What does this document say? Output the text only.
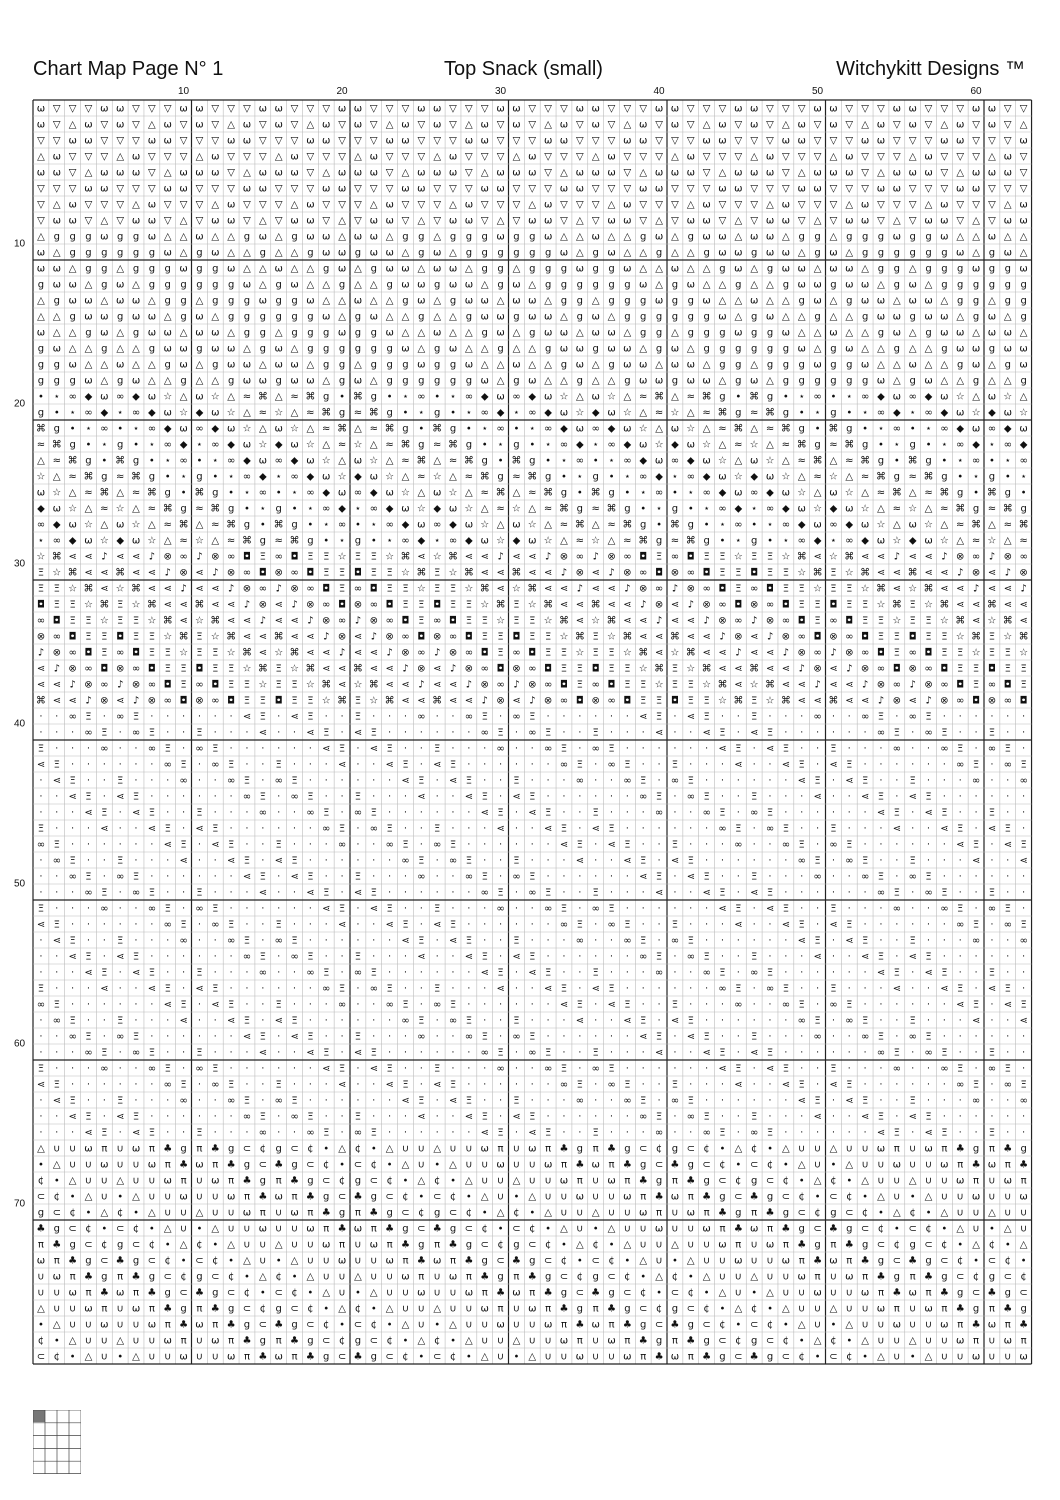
Chart Map Page N° 1	Top Snack (small)	Witchykitt Designs ™
10	20	30	40	50	60
10
20
30
40
50
60
70
ω ▽ ▽ ▽ ω ω ▽ ▽ ▽ ω ω ▽ ▽ ▽ ω ω ▽ ▽ ▽ ω ω ▽ ▽ ▽ ω ω ▽ ▽ ▽ ω ω ▽ ▽ ▽ ω ω ▽ ▽ ▽ ω ω ▽ ▽ ▽ ω ω ▽ ▽ ▽ ω ω ▽ ▽ ▽ ω ω ▽ ▽ ▽ ω ω ▽ ▽
ω ▽ △ ω ▽ ω ▽ △ ω ▽ ω ▽ △ ω ▽ ω ▽ △ ω ▽ ω ▽ △ ω ▽ ω ▽ △ ω ▽ ω ▽ △ ω ▽ ω ▽ △ ω ▽ ω ▽ △ ω ▽ ω ▽ △ ω ▽ ω ▽ △ ω ▽ ω ▽ △ ω ▽ ω ▽ △
▽ ▽ ω ω ▽ ▽ ▽ ω ω ▽ ▽ ▽ ω ω ▽ ▽ ▽ ω ω ▽ ▽ ▽ ω ω ▽ ▽ ▽ ω ω ▽ ▽ ▽ ω ω ▽ ▽ ▽ ω ω ▽ ▽ ▽ ω ω ▽ ▽ ▽ ω ω ▽ ▽ ▽ ω ω ▽ ▽ ▽ ω ω ▽ ▽ ▽ ω
△ ω ▽ ▽ ▽ △ ω ▽ ▽ ▽ △ ω ▽ ▽ ▽ △ ω ▽ ▽ ▽ △ ω ▽ ▽ ▽ △ ω ▽ ▽ ▽ △ ω ▽ ▽ ▽ △ ω ▽ ▽ ▽ △ ω ▽ ▽ ▽ △ ω ▽ ▽ ▽ △ ω ▽ ▽ ▽ △ ω ▽ ▽ ▽ △ ω ▽
ω ω ▽ △ ω ω ω ▽ △ ω ω ω ▽ △ ω ω ω ▽ △ ω ω ω ▽ △ ω ω ω ▽ △ ω ω ω ▽ △ ω ω ω ▽ △ ω ω ω ▽ △ ω ω ω ▽ △ ω ω ω ▽ △ ω ω ω ▽ △ ω ω ω ▽
▽ ▽ ▽ ω ω ▽ ▽ ▽ ω ω ▽ ▽ ▽ ω ω ▽ ▽ ▽ ω ω ▽ ▽ ▽ ω ω ▽ ▽ ▽ ω ω ▽ ▽ ▽ ω ω ▽ ▽ ▽ ω ω ▽ ▽ ▽ ω ω ▽ ▽ ▽ ω ω ▽ ▽ ▽ ω ω ▽ ▽ ▽ ω ω ▽ ▽ ▽
▽ △ ω ▽ ▽ ▽ △ ω ▽ ▽ ▽ △ ω ▽ ▽ ▽ △ ω ▽ ▽ ▽ △ ω ▽ ▽ ▽ △ ω ▽ ▽ ▽ △ ω ▽ ▽ ▽ △ ω ▽ ▽ ▽ △ ω ▽ ▽ ▽ △ ω ▽ ▽ ▽ △ ω ▽ ▽ ▽ △ ω ▽ ▽ ▽ △ ω
▽ ω ω ▽ △ ▽ ω ω ▽ △ ▽ ω ω ▽ △ ▽ ω ω ▽ △ ▽ ω ω ▽ △ ▽ ω ω ▽ △ ▽ ω ω ▽ △ ▽ ω ω ▽ △ ▽ ω ω ▽ △ ▽ ω ω ▽ △ ▽ ω ω ▽ △ ▽ ω ω ▽ △ ▽ ω ω
△ g g g ω g g ω △ △ ω △ △ g ω △ g ω ω △ ω ω △ g g △ g g g ω g g ω △ △ ω △ △ g ω △ g ω ω △ ω ω △ g g △ g g g ω g g ω △ △ ω △ △
ω △ g g g g g g ω △ g ω △ △ g △ △ g ω ω g ω ω △ g ω △ g g g g g g ω △ g ω △ △ g △ △ g ω ω g ω ω △ g ω △ g g g g g g ω △ g ω △
ω ω △ g g △ g g g ω g g ω △ △ ω △ △ g ω △ g ω ω △ ω ω △ g g △ g g g ω g g ω △ △ ω △ △ g ω △ g ω ω △ ω ω △ g g △ g g g ω g g ω
g ω ω △ g ω △ g g g g g g ω △ g ω △ △ g △ △ g ω ω g ω ω △ g ω △ g g g g g g ω △ g ω △ △ g △ △ g ω ω g ω ω △ g ω △ g g g g g g
△ g ω ω △ ω ω △ g g △ g g g ω g g ω △ △ ω △ △ g ω △ g ω ω △ ω ω △ g g △ g g g ω g g ω △ △ ω △ △ g ω △ g ω ω △ ω ω △ g g △ g g
△ △ g ω ω g ω ω △ g ω △ g g g g g g ω △ g ω △ △ g △ △ g ω ω g ω ω △ g ω △ g g g g g g ω △ g ω △ △ g △ △ g ω ω g ω ω △ g ω △ g
ω △ △ g ω △ g ω ω △ ω ω △ g g △ g g g ω g g ω △ △ ω △ △ g ω △ g ω ω △ ω ω △ g g △ g g g ω g g ω △ △ ω △ △ g ω △ g ω ω △ ω ω △
g ω △ △ g △ △ g ω ω g ω ω △ g ω △ g g g g g g ω △ g ω △ △ g △ △ g ω ω g ω ω △ g ω △ g g g g g g ω △ g ω △ △ g △ △ g ω ω g ω ω
g g ω △ △ ω △ △ g ω △ g ω ω △ ω ω △ g g △ g g g ω g g ω △ △ ω △ △ g ω △ g ω ω △ ω ω △ g g △ g g g ω g g ω △ △ ω △ △ g ω △ g ω
g g g ω △ g ω △ △ g △ △ g ω ω g ω ω △ g ω △ g g g g g g ω △ g ω △ △ g △ △ g ω ω g ω ω △ g ω △ g g g g g g ω △ g ω △ △ g △ △ g
• ⋆ ∞ ◆ ω ∞ ◆ ω ☆ △ ω ☆ △ ≈ ⌘ △ ≈ ⌘ g • ⌘ g • ⋆ ∞ • ⋆ ∞ ◆ ω ∞ ◆ ω ☆ △ ω ☆ △ ≈ ⌘ △ ≈ ⌘ g • ⌘ g • ⋆ ∞ • ⋆ ∞ ◆ ω ∞ ◆ ω ☆ △ ω ☆ △
g • ⋆ ∞ ◆ ⋆ ∞ ◆ ω ☆ ◆ ω ☆ △ ≈ ☆ △ ≈ ⌘ g ≈ ⌘ g • ⋆ g • ⋆ ∞ ◆ ⋆ ∞ ◆ ω ☆ ◆ ω ☆ △ ≈ ☆ △ ≈ ⌘ g ≈ ⌘ g • ⋆ g • ⋆ ∞ ◆ ⋆ ∞ ◆ ω ☆ ◆ ω ☆
⌘ g • ⋆ ∞ • ⋆ ∞ ◆ ω ∞ ◆ ω ☆ △ ω ☆ △ ≈ ⌘ △ ≈ ⌘ g • ⌘ g • ⋆ ∞ • ⋆ ∞ ◆ ω ∞ ◆ ω ☆ △ ω ☆ △ ≈ ⌘ △ ≈ ⌘ g • ⌘ g • ⋆ ∞ • ⋆ ∞ ◆ ω ∞ ◆ ω
≈ ⌘ g • ⋆ g • ⋆ ∞ ◆ ⋆ ∞ ◆ ω ☆ ◆ ω ☆ △ ≈ ☆ △ ≈ ⌘ g ≈ ⌘ g • ⋆ g • ⋆ ∞ ◆ ⋆ ∞ ◆ ω ☆ ◆ ω ☆ △ ≈ ☆ △ ≈ ⌘ g ≈ ⌘ g • ⋆ g • ⋆ ∞ ◆ ⋆ ∞ ◆
△ ≈ ⌘ g • ⌘ g • ⋆ ∞ • ⋆ ∞ ◆ ω ∞ ◆ ω ☆ △ ω ☆ △ ≈ ⌘ △ ≈ ⌘ g • ⌘ g • ⋆ ∞ • ⋆ ∞ ◆ ω ∞ ◆ ω ☆ △ ω ☆ △ ≈ ⌘ △ ≈ ⌘ g • ⌘ g • ⋆ ∞ • ⋆ ∞
☆ △ ≈ ⌘ g ≈ ⌘ g • ⋆ g • ⋆ ∞ ◆ ⋆ ∞ ◆ ω ☆ ◆ ω ☆ △ ≈ ☆ △ ≈ ⌘ g ≈ ⌘ g • ⋆ g • ⋆ ∞ ◆ ⋆ ∞ ◆ ω ☆ ◆ ω ☆ △ ≈ ☆ △ ≈ ⌘ g ≈ ⌘ g • ⋆ g • ⋆
ω ☆ △ ≈ ⌘ △ ≈ ⌘ g • ⌘ g • ⋆ ∞ • ⋆ ∞ ◆ ω ∞ ◆ ω ☆ △ ω ☆ △ ≈ ⌘ △ ≈ ⌘ g • ⌘ g • ⋆ ∞ • ⋆ ∞ ◆ ω ∞ ◆ ω ☆ △ ω ☆ △ ≈ ⌘ △ ≈ ⌘ g • ⌘ g •
◆ ω ☆ △ ≈ ☆ △ ≈ ⌘ g ≈ ⌘ g • ⋆ g • ⋆ ∞ ◆ ⋆ ∞ ◆ ω ☆ ◆ ω ☆ △ ≈ ☆ △ ≈ ⌘ g ≈ ⌘ g • ⋆ g • ⋆ ∞ ◆ ⋆ ∞ ◆ ω ☆ ◆ ω ☆ △ ≈ ☆ △ ≈ ⌘ g ≈ ⌘ g
∞ ◆ ω ☆ △ ω ☆ △ ≈ ⌘ △ ≈ ⌘ g • ⌘ g • ⋆ ∞ • ⋆ ∞ ◆ ω ∞ ◆ ω ☆ △ ω ☆ △ ≈ ⌘ △ ≈ ⌘ g • ⌘ g • ⋆ ∞ • ⋆ ∞ ◆ ω ∞ ◆ ω ☆ △ ω ☆ △ ≈ ⌘ △ ≈ ⌘
⋆ ∞ ◆ ω ☆ ◆ ω ☆ △ ≈ ☆ △ ≈ ⌘ g ≈ ⌘ g • ⋆ g • ⋆ ∞ ◆ ⋆ ∞ ◆ ω ☆ ◆ ω ☆ △ ≈ ☆ △ ≈ ⌘ g ≈ ⌘ g • ⋆ g • ⋆ ∞ ◆ ⋆ ∞ ◆ ω ☆ ◆ ω ☆ △ ≈ ☆ △ ≈
☆ ⌘ ⋖ ⋖ ♪ ⋖ ⋖ ♪ ⊗ ∞ ♪ ⊗ ∞ ◘ Ξ ∞ ◘ Ξ Ξ ☆ Ξ Ξ ☆ ⌘ ⋖ ☆ ⌘ ⋖ ⋖ ♪ ⋖ ⋖ ♪ ⊗ ∞ ♪ ⊗ ∞ ◘ Ξ ∞ ◘ Ξ Ξ ☆ Ξ Ξ ☆ ⌘ ⋖ ☆ ⌘ ⋖ ⋖ ♪ ⋖ ⋖ ♪ ⊗ ∞ ♪ ⊗ ∞
Ξ ☆ ⌘ ⋖ ⋖ ⌘ ⋖ ⋖ ♪ ⊗ ⋖ ♪ ⊗ ∞ ◘ ⊗ ∞ ◘ Ξ Ξ ◘ Ξ Ξ ☆ ⌘ Ξ ☆ ⌘ ⋖ ⋖ ⌘ ⋖ ⋖ ♪ ⊗ ⋖ ♪ ⊗ ∞ ◘ ⊗ ∞ ◘ Ξ Ξ ◘ Ξ Ξ ☆ ⌘ Ξ ☆ ⌘ ⋖ ⋖ ⌘ ⋖ ⋖ ♪ ⊗ ⋖ ♪ ⊗
Ξ Ξ ☆ ⌘ ⋖ ☆ ⌘ ⋖ ⋖ ♪ ⋖ ⋖ ♪ ⊗ ∞ ♪ ⊗ ∞ ◘ Ξ ∞ ◘ Ξ Ξ ☆ Ξ Ξ ☆ ⌘ ⋖ ☆ ⌘ ⋖ ⋖ ♪ ⋖ ⋖ ♪ ⊗ ∞ ♪ ⊗ ∞ ◘ Ξ ∞ ◘ Ξ Ξ ☆ Ξ Ξ ☆ ⌘ ⋖ ☆ ⌘ ⋖ ⋖ ♪ ⋖ ⋖ ♪
◘ Ξ Ξ ☆ ⌘ Ξ ☆ ⌘ ⋖ ⋖ ⌘ ⋖ ⋖ ♪ ⊗ ⋖ ♪ ⊗ ∞ ◘ ⊗ ∞ ◘ Ξ Ξ ◘ Ξ Ξ ☆ ⌘ Ξ ☆ ⌘ ⋖ ⋖ ⌘ ⋖ ⋖ ♪ ⊗ ⋖ ♪ ⊗ ∞ ◘ ⊗ ∞ ◘ Ξ Ξ ◘ Ξ Ξ ☆ ⌘ Ξ ☆ ⌘ ⋖ ⋖ ⌘ ⋖ ⋖
∞ ◘ Ξ Ξ ☆ Ξ Ξ ☆ ⌘ ⋖ ☆ ⌘ ⋖ ⋖ ♪ ⋖ ⋖ ♪ ⊗ ∞ ♪ ⊗ ∞ ◘ Ξ ∞ ◘ Ξ Ξ ☆ Ξ Ξ ☆ ⌘ ⋖ ☆ ⌘ ⋖ ⋖ ♪ ⋖ ⋖ ♪ ⊗ ∞ ♪ ⊗ ∞ ◘ Ξ ∞ ◘ Ξ Ξ ☆ Ξ Ξ ☆ ⌘ ⋖ ☆ ⌘ ⋖
⊗ ∞ ◘ Ξ Ξ ◘ Ξ Ξ ☆ ⌘ Ξ ☆ ⌘ ⋖ ⋖ ⌘ ⋖ ⋖ ♪ ⊗ ⋖ ♪ ⊗ ∞ ◘ ⊗ ∞ ◘ Ξ Ξ ◘ Ξ Ξ ☆ ⌘ Ξ ☆ ⌘ ⋖ ⋖ ⌘ ⋖ ⋖ ♪ ⊗ ⋖ ♪ ⊗ ∞ ◘ ⊗ ∞ ◘ Ξ Ξ ◘ Ξ Ξ ☆ ⌘ Ξ ☆ ⌘
♪ ⊗ ∞ ◘ Ξ ∞ ◘ Ξ Ξ ☆ Ξ Ξ ☆ ⌘ ⋖ ☆ ⌘ ⋖ ⋖ ♪ ⋖ ⋖ ♪ ⊗ ∞ ♪ ⊗ ∞ ◘ Ξ ∞ ◘ Ξ Ξ ☆ Ξ Ξ ☆ ⌘ ⋖ ☆ ⌘ ⋖ ⋖ ♪ ⋖ ⋖ ♪ ⊗ ∞ ♪ ⊗ ∞ ◘ Ξ ∞ ◘ Ξ Ξ ☆ Ξ Ξ ☆
⋖ ♪ ⊗ ∞ ◘ ⊗ ∞ ◘ Ξ Ξ ◘ Ξ Ξ ☆ ⌘ Ξ ☆ ⌘ ⋖ ⋖ ⌘ ⋖ ⋖ ♪ ⊗ ⋖ ♪ ⊗ ∞ ◘ ⊗ ∞ ◘ Ξ Ξ ◘ Ξ Ξ ☆ ⌘ Ξ ☆ ⌘ ⋖ ⋖ ⌘ ⋖ ⋖ ♪ ⊗ ⋖ ♪ ⊗ ∞ ◘ ⊗ ∞ ◘ Ξ Ξ ◘ Ξ Ξ
⋖ ⋖ ♪ ⊗ ∞ ♪ ⊗ ∞ ◘ Ξ ∞ ◘ Ξ Ξ ☆ Ξ Ξ ☆ ⌘ ⋖ ☆ ⌘ ⋖ ⋖ ♪ ⋖ ⋖ ♪ ⊗ ∞ ♪ ⊗ ∞ ◘ Ξ ∞ ◘ Ξ Ξ ☆ Ξ Ξ ☆ ⌘ ⋖ ☆ ⌘ ⋖ ⋖ ♪ ⋖ ⋖ ♪ ⊗ ∞ ♪ ⊗ ∞ ◘ Ξ ∞ ◘ Ξ
⌘ ⋖ ⋖ ♪ ⊗ ⋖ ♪ ⊗ ∞ ◘ ⊗ ∞ ◘ Ξ Ξ ◘ Ξ Ξ ☆ ⌘ Ξ ☆ ⌘ ⋖ ⋖ ⌘ ⋖ ⋖ ♪ ⊗ ⋖ ♪ ⊗ ∞ ◘ ⊗ ∞ ◘ Ξ Ξ ◘ Ξ Ξ ☆ ⌘ Ξ ☆ ⌘ ⋖ ⋖ ⌘ ⋖ ⋖ ♪ ⊗ ⋖ ♪ ⊗ ∞ ◘ ⊗ ∞ ◘
· · ∞ Ξ · ∞ Ξ · · · · · · ⋖ Ξ · ⋖ Ξ · · Ξ · · · ∞ · · ∞ Ξ · ∞ Ξ · · · · · · ⋖ Ξ · ⋖ Ξ · · Ξ · · · ∞ · · ∞ Ξ · ∞ Ξ · · · · · ·
· · · ∞ Ξ · ∞ Ξ · · Ξ · · · ⋖ · · ⋖ Ξ · ⋖ Ξ · · · · · · ∞ Ξ · ∞ Ξ · · Ξ · · · ⋖ · · ⋖ Ξ · ⋖ Ξ · · · · · · ∞ Ξ · ∞ Ξ · · Ξ · ·
Ξ · · · ∞ · · ∞ Ξ · ∞ Ξ · · · · · · ⋖ Ξ · ⋖ Ξ · · Ξ · · · ∞ · · ∞ Ξ · ∞ Ξ · · · · · · ⋖ Ξ · ⋖ Ξ · · Ξ · · · ∞ · · ∞ Ξ · ∞ Ξ ·
⋖ Ξ · · · · · · ∞ Ξ · ∞ Ξ · · Ξ · · · ⋖ · · ⋖ Ξ · ⋖ Ξ · · · · · · ∞ Ξ · ∞ Ξ · · Ξ · · · ⋖ · · ⋖ Ξ · ⋖ Ξ · · · · · · ∞ Ξ · ∞ Ξ
· ⋖ Ξ · · Ξ · · · ∞ · · ∞ Ξ · ∞ Ξ · · · · · · ⋖ Ξ · ⋖ Ξ · · Ξ · · · ∞ · · ∞ Ξ · ∞ Ξ · · · · · · ⋖ Ξ · ⋖ Ξ · · Ξ · · · ∞ · · ∞
· · ⋖ Ξ · ⋖ Ξ · · · · · · ∞ Ξ · ∞ Ξ · · Ξ · · · ⋖ · · ⋖ Ξ · ⋖ Ξ · · · · · · ∞ Ξ · ∞ Ξ · · Ξ · · · ⋖ · · ⋖ Ξ · ⋖ Ξ · · · · · ·
· · · ⋖ Ξ · ⋖ Ξ · · Ξ · · · ∞ · · ∞ Ξ · ∞ Ξ · · · · · · ⋖ Ξ · ⋖ Ξ · · Ξ · · · ∞ · · ∞ Ξ · ∞ Ξ · · · · · · ⋖ Ξ · ⋖ Ξ · · Ξ · ·
Ξ · · · ⋖ · · ⋖ Ξ · ⋖ Ξ · · · · · · ∞ Ξ · ∞ Ξ · · Ξ · · · ⋖ · · ⋖ Ξ · ⋖ Ξ · · · · · · ∞ Ξ · ∞ Ξ · · Ξ · · · ⋖ · · ⋖ Ξ · ⋖ Ξ ·
∞ Ξ · · · · · · ⋖ Ξ · ⋖ Ξ · · Ξ · · · ∞ · · ∞ Ξ · ∞ Ξ · · · · · · ⋖ Ξ · ⋖ Ξ · · Ξ · · · ∞ · · ∞ Ξ · ∞ Ξ · · · · · · ⋖ Ξ · ⋖ Ξ
· ∞ Ξ · · Ξ · · · ⋖ · · ⋖ Ξ · ⋖ Ξ · · · · · · ∞ Ξ · ∞ Ξ · · Ξ · · · ⋖ · · ⋖ Ξ · ⋖ Ξ · · · · · · ∞ Ξ · ∞ Ξ · · Ξ · · · ⋖ · · ⋖
· · ∞ Ξ · ∞ Ξ · · · · · · ⋖ Ξ · ⋖ Ξ · · Ξ · · · ∞ · · ∞ Ξ · ∞ Ξ · · · · · · ⋖ Ξ · ⋖ Ξ · · Ξ · · · ∞ · · ∞ Ξ · ∞ Ξ · · · · · ·
· · · ∞ Ξ · ∞ Ξ · · Ξ · · · ⋖ · · ⋖ Ξ · ⋖ Ξ · · · · · · ∞ Ξ · ∞ Ξ · · Ξ · · · ⋖ · · ⋖ Ξ · ⋖ Ξ · · · · · · ∞ Ξ · ∞ Ξ · · Ξ · ·
Ξ · · · ∞ · · ∞ Ξ · ∞ Ξ · · · · · · ⋖ Ξ · ⋖ Ξ · · Ξ · · · ∞ · · ∞ Ξ · ∞ Ξ · · · · · · ⋖ Ξ · ⋖ Ξ · · Ξ · · · ∞ · · ∞ Ξ · ∞ Ξ ·
⋖ Ξ · · · · · · ∞ Ξ · ∞ Ξ · · Ξ · · · ⋖ · · ⋖ Ξ · ⋖ Ξ · · · · · · ∞ Ξ · ∞ Ξ · · Ξ · · · ⋖ · · ⋖ Ξ · ⋖ Ξ · · · · · · ∞ Ξ · ∞ Ξ
· ⋖ Ξ · · Ξ · · · ∞ · · ∞ Ξ · ∞ Ξ · · · · · · ⋖ Ξ · ⋖ Ξ · · Ξ · · · ∞ · · ∞ Ξ · ∞ Ξ · · · · · · ⋖ Ξ · ⋖ Ξ · · Ξ · · · ∞ · · ∞
· · ⋖ Ξ · ⋖ Ξ · · · · · · ∞ Ξ · ∞ Ξ · · Ξ · · · ⋖ · · ⋖ Ξ · ⋖ Ξ · · · · · · ∞ Ξ · ∞ Ξ · · Ξ · · · ⋖ · · ⋖ Ξ · ⋖ Ξ · · · · · ·
· · · ⋖ Ξ · ⋖ Ξ · · Ξ · · · ∞ · · ∞ Ξ · ∞ Ξ · · · · · · ⋖ Ξ · ⋖ Ξ · · Ξ · · · ∞ · · ∞ Ξ · ∞ Ξ · · · · · · ⋖ Ξ · ⋖ Ξ · · Ξ · ·
Ξ · · · ⋖ · · ⋖ Ξ · ⋖ Ξ · · · · · · ∞ Ξ · ∞ Ξ · · Ξ · · · ⋖ · · ⋖ Ξ · ⋖ Ξ · · · · · · ∞ Ξ · ∞ Ξ · · Ξ · · · ⋖ · · ⋖ Ξ · ⋖ Ξ ·
∞ Ξ · · · · · · ⋖ Ξ · ⋖ Ξ · · Ξ · · · ∞ · · ∞ Ξ · ∞ Ξ · · · · · · ⋖ Ξ · ⋖ Ξ · · Ξ · · · ∞ · · ∞ Ξ · ∞ Ξ · · · · · · ⋖ Ξ · ⋖ Ξ
· ∞ Ξ · · Ξ · · · ⋖ · · ⋖ Ξ · ⋖ Ξ · · · · · · ∞ Ξ · ∞ Ξ · · Ξ · · · ⋖ · · ⋖ Ξ · ⋖ Ξ · · · · · · ∞ Ξ · ∞ Ξ · · Ξ · · · ⋖ · · ⋖
· · ∞ Ξ · ∞ Ξ · · · · · · ⋖ Ξ · ⋖ Ξ · · Ξ · · · ∞ · · ∞ Ξ · ∞ Ξ · · · · · · ⋖ Ξ · ⋖ Ξ · · Ξ · · · ∞ · · ∞ Ξ · ∞ Ξ · · · · · ·
· · · ∞ Ξ · ∞ Ξ · · Ξ · · · ⋖ · · ⋖ Ξ · ⋖ Ξ · · · · · · ∞ Ξ · ∞ Ξ · · Ξ · · · ⋖ · · ⋖ Ξ · ⋖ Ξ · · · · · · ∞ Ξ · ∞ Ξ · · Ξ · ·
Ξ · · · ∞ · · ∞ Ξ · ∞ Ξ · · · · · · ⋖ Ξ · ⋖ Ξ · · Ξ · · · ∞ · · ∞ Ξ · ∞ Ξ · · · · · · ⋖ Ξ · ⋖ Ξ · · Ξ · · · ∞ · · ∞ Ξ · ∞ Ξ ·
⋖ Ξ · · · · · · ∞ Ξ · ∞ Ξ · · Ξ · · · ⋖ · · ⋖ Ξ · ⋖ Ξ · · · · · · ∞ Ξ · ∞ Ξ · · Ξ · · · ⋖ · · ⋖ Ξ · ⋖ Ξ · · · · · · ∞ Ξ · ∞ Ξ
· ⋖ Ξ · · Ξ · · · ∞ · · ∞ Ξ · ∞ Ξ · · · · · · ⋖ Ξ · ⋖ Ξ · · Ξ · · · ∞ · · ∞ Ξ · ∞ Ξ · · · · · · ⋖ Ξ · ⋖ Ξ · · Ξ · · · ∞ · · ∞
· · ⋖ Ξ · ⋖ Ξ · · · · · · ∞ Ξ · ∞ Ξ · · Ξ · · · ⋖ · · ⋖ Ξ · ⋖ Ξ · · · · · · ∞ Ξ · ∞ Ξ · · Ξ · · · ⋖ · · ⋖ Ξ · ⋖ Ξ · · · · · ·
· · · ⋖ Ξ · ⋖ Ξ · · Ξ · · · ∞ · · ∞ Ξ · ∞ Ξ · · · · · · ⋖ Ξ · ⋖ Ξ · · Ξ · · · ∞ · · ∞ Ξ · ∞ Ξ · · · · · · ⋖ Ξ · ⋖ Ξ · · Ξ · ·
△ ∪ ∪ ω π ∪ ω π ♣ g π ♣ g ⊂ ¢ g ⊂ ¢ • △ ¢ • △ ∪ ∪ △ ∪ ∪ ω π ∪ ω π ♣ g π ♣ g ⊂ ¢ g ⊂ ¢ • △ ¢ • △ ∪ ∪ △ ∪ ∪ ω π ∪ ω π ♣ g π ♣ g
• △ ∪ ∪ ω ∪ ∪ ω π ♣ ω π ♣ g ⊂ ♣ g ⊂ ¢ • ⊂ ¢ • △ ∪ • △ ∪ ∪ ω ∪ ∪ ω π ♣ ω π ♣ g ⊂ ♣ g ⊂ ¢ • ⊂ ¢ • △ ∪ • △ ∪ ∪ ω ∪ ∪ ω π ♣ ω π ♣
¢ • △ ∪ ∪ △ ∪ ∪ ω π ∪ ω π ♣ g π ♣ g ⊂ ¢ g ⊂ ¢ • △ ¢ • △ ∪ ∪ △ ∪ ∪ ω π ∪ ω π ♣ g π ♣ g ⊂ ¢ g ⊂ ¢ • △ ¢ • △ ∪ ∪ △ ∪ ∪ ω π ∪ ω π
⊂ ¢ • △ ∪ • △ ∪ ∪ ω ∪ ∪ ω π ♣ ω π ♣ g ⊂ ♣ g ⊂ ¢ • ⊂ ¢ • △ ∪ • △ ∪ ∪ ω ∪ ∪ ω π ♣ ω π ♣ g ⊂ ♣ g ⊂ ¢ • ⊂ ¢ • △ ∪ • △ ∪ ∪ ω ∪ ∪ ω
g ⊂ ¢ • △ ¢ • △ ∪ ∪ △ ∪ ∪ ω π ∪ ω π ♣ g π ♣ g ⊂ ¢ g ⊂ ¢ • △ ¢ • △ ∪ ∪ △ ∪ ∪ ω π ∪ ω π ♣ g π ♣ g ⊂ ¢ g ⊂ ¢ • △ ¢ • △ ∪ ∪ △ ∪ ∪
♣ g ⊂ ¢ • ⊂ ¢ • △ ∪ • △ ∪ ∪ ω ∪ ∪ ω π ♣ ω π ♣ g ⊂ ♣ g ⊂ ¢ • ⊂ ¢ • △ ∪ • △ ∪ ∪ ω ∪ ∪ ω π ♣ ω π ♣ g ⊂ ♣ g ⊂ ¢ • ⊂ ¢ • △ ∪ • △ ∪
π ♣ g ⊂ ¢ g ⊂ ¢ • △ ¢ • △ ∪ ∪ △ ∪ ∪ ω π ∪ ω π ♣ g π ♣ g ⊂ ¢ g ⊂ ¢ • △ ¢ • △ ∪ ∪ △ ∪ ∪ ω π ∪ ω π ♣ g π ♣ g ⊂ ¢ g ⊂ ¢ • △ ¢ • △
ω π ♣ g ⊂ ♣ g ⊂ ¢ • ⊂ ¢ • △ ∪ • △ ∪ ∪ ω ∪ ∪ ω π ♣ ω π ♣ g ⊂ ♣ g ⊂ ¢ • ⊂ ¢ • △ ∪ • △ ∪ ∪ ω ∪ ∪ ω π ♣ ω π ♣ g ⊂ ♣ g ⊂ ¢ • ⊂ ¢ •
∪ ω π ♣ g π ♣ g ⊂ ¢ g ⊂ ¢ • △ ¢ • △ ∪ ∪ △ ∪ ∪ ω π ∪ ω π ♣ g π ♣ g ⊂ ¢ g ⊂ ¢ • △ ¢ • △ ∪ ∪ △ ∪ ∪ ω π ∪ ω π ♣ g π ♣ g ⊂ ¢ g ⊂ ¢
∪ ∪ ω π ♣ ω π ♣ g ⊂ ♣ g ⊂ ¢ • ⊂ ¢ • △ ∪ • △ ∪ ∪ ω ∪ ∪ ω π ♣ ω π ♣ g ⊂ ♣ g ⊂ ¢ • ⊂ ¢ • △ ∪ • △ ∪ ∪ ω ∪ ∪ ω π ♣ ω π ♣ g ⊂ ♣ g ⊂
△ ∪ ∪ ω π ∪ ω π ♣ g π ♣ g ⊂ ¢ g ⊂ ¢ • △ ¢ • △ ∪ ∪ △ ∪ ∪ ω π ∪ ω π ♣ g π ♣ g ⊂ ¢ g ⊂ ¢ • △ ¢ • △ ∪ ∪ △ ∪ ∪ ω π ∪ ω π ♣ g π ♣ g
• △ ∪ ∪ ω ∪ ∪ ω π ♣ ω π ♣ g ⊂ ♣ g ⊂ ¢ • ⊂ ¢ • △ ∪ • △ ∪ ∪ ω ∪ ∪ ω π ♣ ω π ♣ g ⊂ ♣ g ⊂ ¢ • ⊂ ¢ • △ ∪ • △ ∪ ∪ ω ∪ ∪ ω π ♣ ω π ♣
¢ • △ ∪ ∪ △ ∪ ∪ ω π ∪ ω π ♣ g π ♣ g ⊂ ¢ g ⊂ ¢ • △ ¢ • △ ∪ ∪ △ ∪ ∪ ω π ∪ ω π ♣ g π ♣ g ⊂ ¢ g ⊂ ¢ • △ ¢ • △ ∪ ∪ △ ∪ ∪ ω π ∪ ω π
⊂ ¢ • △ ∪ • △ ∪ ∪ ω ∪ ∪ ω π ♣ ω π ♣ g ⊂ ♣ g ⊂ ¢ • ⊂ ¢ • △ ∪ • △ ∪ ∪ ω ∪ ∪ ω π ♣ ω π ♣ g ⊂ ♣ g ⊂ ¢ • ⊂ ¢ • △ ∪ • △ ∪ ∪ ω ∪ ∪ ω
